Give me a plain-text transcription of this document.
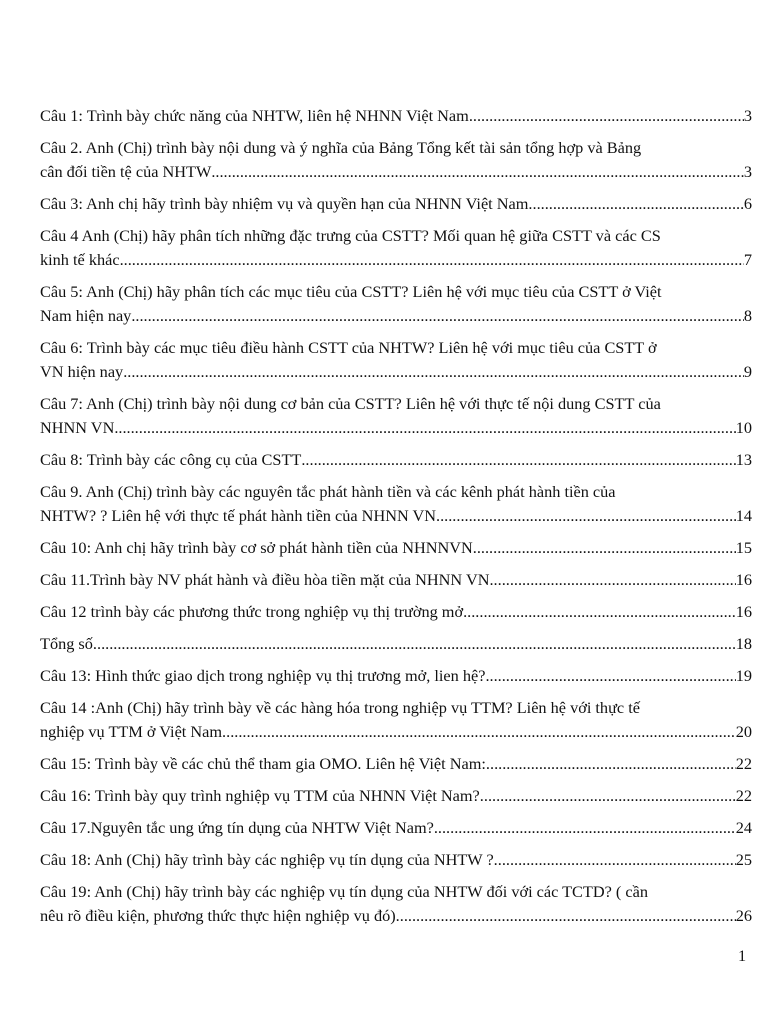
Câu 1: Trình bày chức năng của NHTW, liên hệ NHNN Việt Nam .....	3
Câu 2. Anh (Chị) trình bày nội dung và ý nghĩa của Bảng Tổng kết tài sản tổng hợp và Bảng
cân đối tiền tệ của NHTW .....	3
Câu 3: Anh chị hãy trình bày nhiệm vụ và quyền hạn của NHNN Việt Nam .....	6
Câu 4 Anh (Chị) hãy phân tích những đặc trưng của CSTT? Mối quan hệ giữa CSTT và các CS
kinh tế khác .....	7
Câu 5: Anh (Chị) hãy phân tích các mục tiêu của CSTT? Liên hệ với mục tiêu của CSTT ở Việt
Nam hiện nay .....	8
Câu 6: Trình bày các mục tiêu điều hành CSTT của NHTW? Liên hệ với mục tiêu của CSTT ở
VN hiện nay .....	9
Câu 7: Anh (Chị) trình bày nội dung cơ bản của CSTT? Liên hệ với thực tế nội dung CSTT của
NHNN VN .....	10
Câu 8: Trình bày các công cụ của CSTT .....	13
Câu 9. Anh (Chị) trình bày các nguyên tắc phát hành tiền và các kênh phát hành tiền của
NHTW? ? Liên hệ với thực tế phát hành tiền của NHNN VN .....	14
Câu 10: Anh chị hãy trình bày cơ sở phát hành tiền của NHNNVN .....	15
Câu 11.Trình bày NV phát hành và điều hòa tiền mặt của NHNN VN .....	16
Câu 12 trình bày các phương thức trong nghiệp vụ thị trường mở .....	16
Tổng số .....	18
Câu 13: Hình thức giao dịch trong nghiệp vụ thị trương mở, lien hệ? .....	19
Câu 14 :Anh (Chị) hãy trình bày về các hàng hóa trong nghiệp vụ TTM? Liên hệ với thực tế
nghiệp vụ TTM ở Việt Nam .....	20
Câu 15: Trình bày về các chủ thể tham gia OMO. Liên hệ Việt Nam: .....	22
Câu 16: Trình bày quy trình nghiệp vụ TTM của NHNN Việt Nam? .....	22
Câu 17.Nguyên tắc ung ứng tín dụng của NHTW Việt Nam? .....	24
Câu 18: Anh (Chị) hãy trình bày các nghiệp vụ tín dụng của NHTW ? .....	25
Câu 19: Anh (Chị) hãy trình bày các nghiệp vụ tín dụng của NHTW đối với các TCTD? ( cần
nêu rõ điều kiện, phương thức thực hiện nghiệp vụ đó) .....	26
1
